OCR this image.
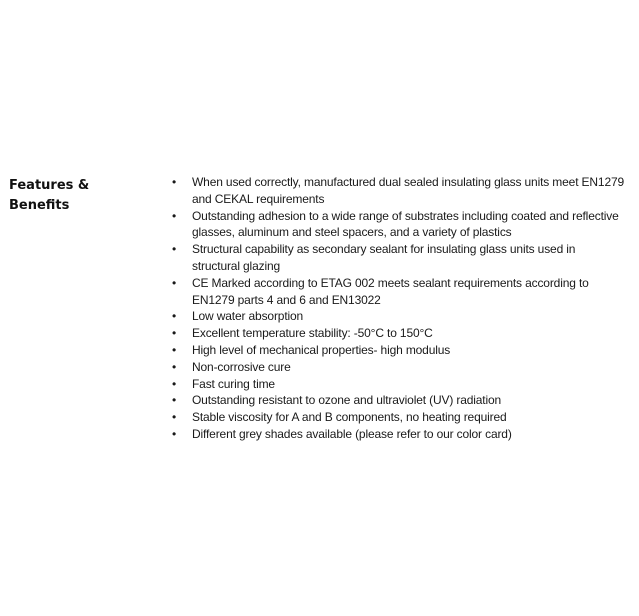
Features &
Benefits
• When used correctly, manufactured dual sealed insulating glass units meet EN1279 and CEKAL requirements
• Outstanding adhesion to a wide range of substrates including coated and reflective glasses, aluminum and steel spacers, and a variety of plastics
• Structural capability as secondary sealant for insulating glass units used in structural glazing
• CE Marked according to ETAG 002 meets sealant requirements according to EN1279 parts 4 and 6 and EN13022
• Low water absorption
• Excellent temperature stability: -50°C to 150°C
• High level of mechanical properties- high modulus
• Non-corrosive cure
• Fast curing time
• Outstanding resistant to ozone and ultraviolet (UV) radiation
• Stable viscosity for A and B components, no heating required
• Different grey shades available (please refer to our color card)
